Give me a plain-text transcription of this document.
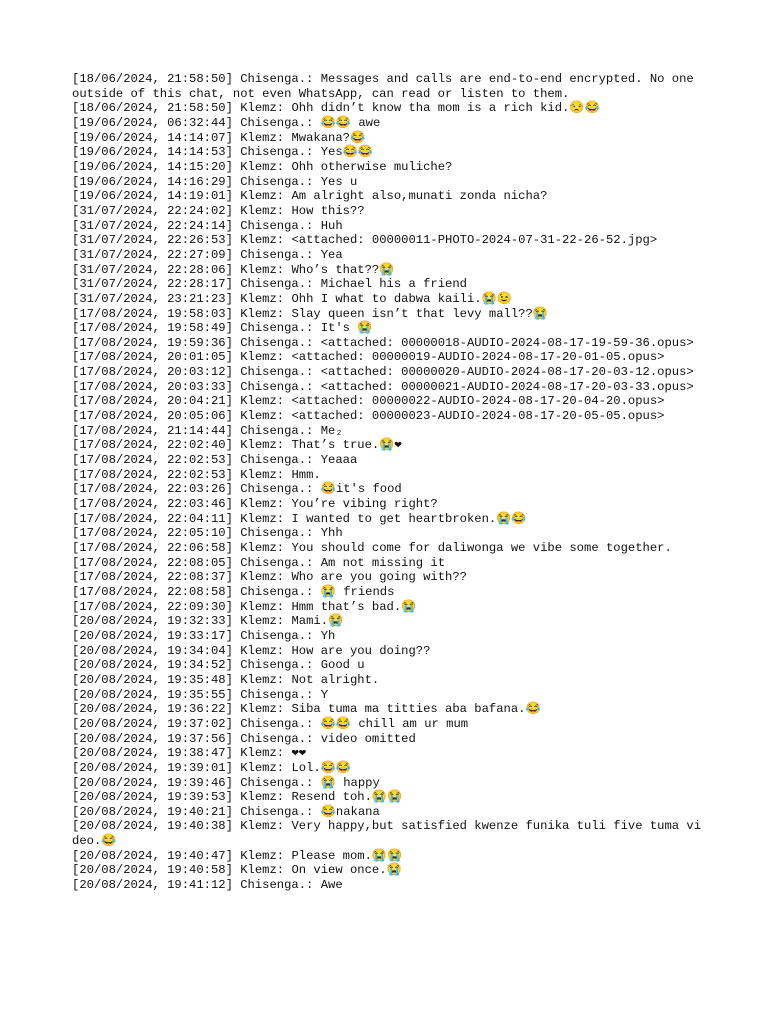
[18/06/2024, 21:58:50] Chisenga.: Messages and calls are end-to-end encrypted. No one outside of this chat, not even WhatsApp, can read or listen to them.
[18/06/2024, 21:58:50] Klemz: Ohh didn’t know tha mom is a rich kid.😒😂
[19/06/2024, 06:32:44] Chisenga.: 😂😂 awe
[19/06/2024, 14:14:07] Klemz: Mwakana?😂
[19/06/2024, 14:14:53] Chisenga.: Yes😂😂
[19/06/2024, 14:15:20] Klemz: Ohh otherwise muliche?
[19/06/2024, 14:16:29] Chisenga.: Yes u
[19/06/2024, 14:19:01] Klemz: Am alright also,munati zonda nicha?
[31/07/2024, 22:24:02] Klemz: How this??
[31/07/2024, 22:24:14] Chisenga.: Huh
[31/07/2024, 22:26:53] Klemz: <attached: 00000011-PHOTO-2024-07-31-22-26-52.jpg>
[31/07/2024, 22:27:09] Chisenga.: Yea
[31/07/2024, 22:28:06] Klemz: Who’s that??😭
[31/07/2024, 22:28:17] Chisenga.: Michael his a friend
[31/07/2024, 23:21:23] Klemz: Ohh I what to dabwa kaili.😭😉
[17/08/2024, 19:58:03] Klemz: Slay queen isn’t that levy mall??😭
[17/08/2024, 19:58:49] Chisenga.: It's 😭
[17/08/2024, 19:59:36] Chisenga.: <attached: 00000018-AUDIO-2024-08-17-19-59-36.opus>
[17/08/2024, 20:01:05] Klemz: <attached: 00000019-AUDIO-2024-08-17-20-01-05.opus>
[17/08/2024, 20:03:12] Chisenga.: <attached: 00000020-AUDIO-2024-08-17-20-03-12.opus>
[17/08/2024, 20:03:33] Chisenga.: <attached: 00000021-AUDIO-2024-08-17-20-03-33.opus>
[17/08/2024, 20:04:21] Klemz: <attached: 00000022-AUDIO-2024-08-17-20-04-20.opus>
[17/08/2024, 20:05:06] Klemz: <attached: 00000023-AUDIO-2024-08-17-20-05-05.opus>
[17/08/2024, 21:14:44] Chisenga.: Me₂
[17/08/2024, 22:02:40] Klemz: That’s true.😭❤
[17/08/2024, 22:02:53] Chisenga.: Yeaaa
[17/08/2024, 22:02:53] Klemz: Hmm.
[17/08/2024, 22:03:26] Chisenga.: 😂it's food
[17/08/2024, 22:03:46] Klemz: You’re vibing right?
[17/08/2024, 22:04:11] Klemz: I wanted to get heartbroken.😭😂
[17/08/2024, 22:05:10] Chisenga.: Yhh
[17/08/2024, 22:06:58] Klemz: You should come for daliwonga we vibe some together.
[17/08/2024, 22:08:05] Chisenga.: Am not missing it
[17/08/2024, 22:08:37] Klemz: Who are you going with??
[17/08/2024, 22:08:58] Chisenga.: 😭 friends
[17/08/2024, 22:09:30] Klemz: Hmm that’s bad.😭
[20/08/2024, 19:32:33] Klemz: Mami.😭
[20/08/2024, 19:33:17] Chisenga.: Yh
[20/08/2024, 19:34:04] Klemz: How are you doing??
[20/08/2024, 19:34:52] Chisenga.: Good u
[20/08/2024, 19:35:48] Klemz: Not alright.
[20/08/2024, 19:35:55] Chisenga.: Y
[20/08/2024, 19:36:22] Klemz: Siba tuma ma titties aba bafana.😂
[20/08/2024, 19:37:02] Chisenga.: 😂😂 chill am ur mum
[20/08/2024, 19:37:56] Chisenga.: video omitted
[20/08/2024, 19:38:47] Klemz: ❤❤
[20/08/2024, 19:39:01] Klemz: Lol.😂😂
[20/08/2024, 19:39:46] Chisenga.: 😭 happy
[20/08/2024, 19:39:53] Klemz: Resend toh.😭😭
[20/08/2024, 19:40:21] Chisenga.: 😂nakana
[20/08/2024, 19:40:38] Klemz: Very happy,but satisfied kwenze funika tuli five tuma video.😂
[20/08/2024, 19:40:47] Klemz: Please mom.😭😭
[20/08/2024, 19:40:58] Klemz: On view once.😭
[20/08/2024, 19:41:12] Chisenga.: Awe
